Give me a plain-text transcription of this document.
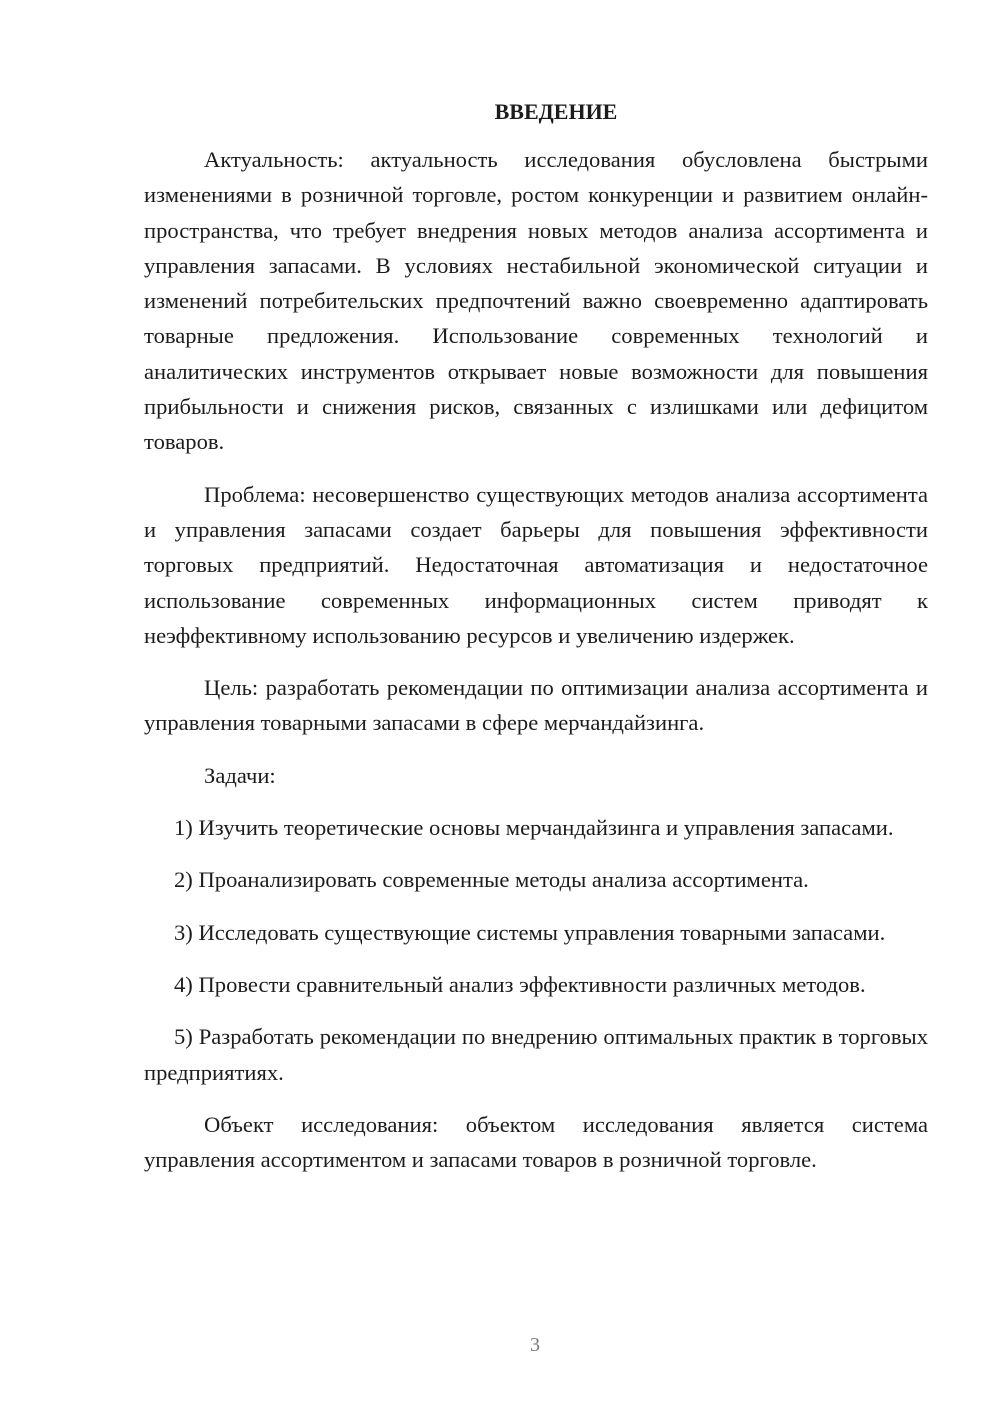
ВВЕДЕНИЕ

Актуальность: актуальность исследования обусловлена быстрыми изменениями в розничной торговле, ростом конкуренции и развитием онлайн-пространства, что требует внедрения новых методов анализа ассортимента и управления запасами. В условиях нестабильной экономической ситуации и изменений потребительских предпочтений важно своевременно адаптировать товарные предложения. Использование современных технологий и аналитических инструментов открывает новые возможности для повышения прибыльности и снижения рисков, связанных с излишками или дефицитом товаров.

Проблема: несовершенство существующих методов анализа ассортимента и управления запасами создает барьеры для повышения эффективности торговых предприятий. Недостаточная автоматизация и недостаточное использование современных информационных систем приводят к неэффективному использованию ресурсов и увеличению издержек.

Цель: разработать рекомендации по оптимизации анализа ассортимента и управления товарными запасами в сфере мерчандайзинга.

Задачи:

1) Изучить теоретические основы мерчандайзинга и управления запасами.

2) Проанализировать современные методы анализа ассортимента.

3) Исследовать существующие системы управления товарными запасами.

4) Провести сравнительный анализ эффективности различных методов.

5) Разработать рекомендации по внедрению оптимальных практик в торговых предприятиях.

Объект исследования: объектом исследования является система управления ассортиментом и запасами товаров в розничной торговле.

3
